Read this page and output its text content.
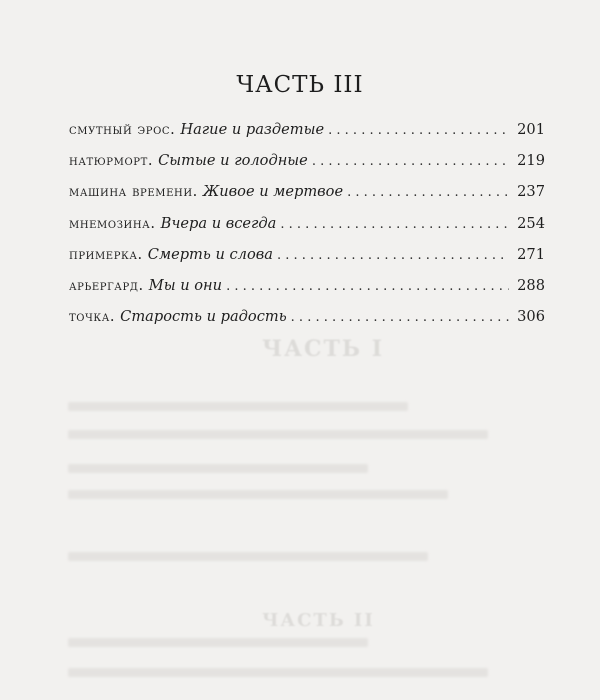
ЧАСТЬ I
ЧАСТЬ II
ЧАСТЬ III
смутный эрос. Нагие и раздетые . . .	201
натюрморт. Сытые и голодные . . .	219
машина времени. Живое и мертвое . . .	237
мнемозина. Вчера и всегда . . .	254
примерка. Смерть и слова . . .	271
арьергард. Мы и они . . .	288
точка. Старость и радость . . .	306
